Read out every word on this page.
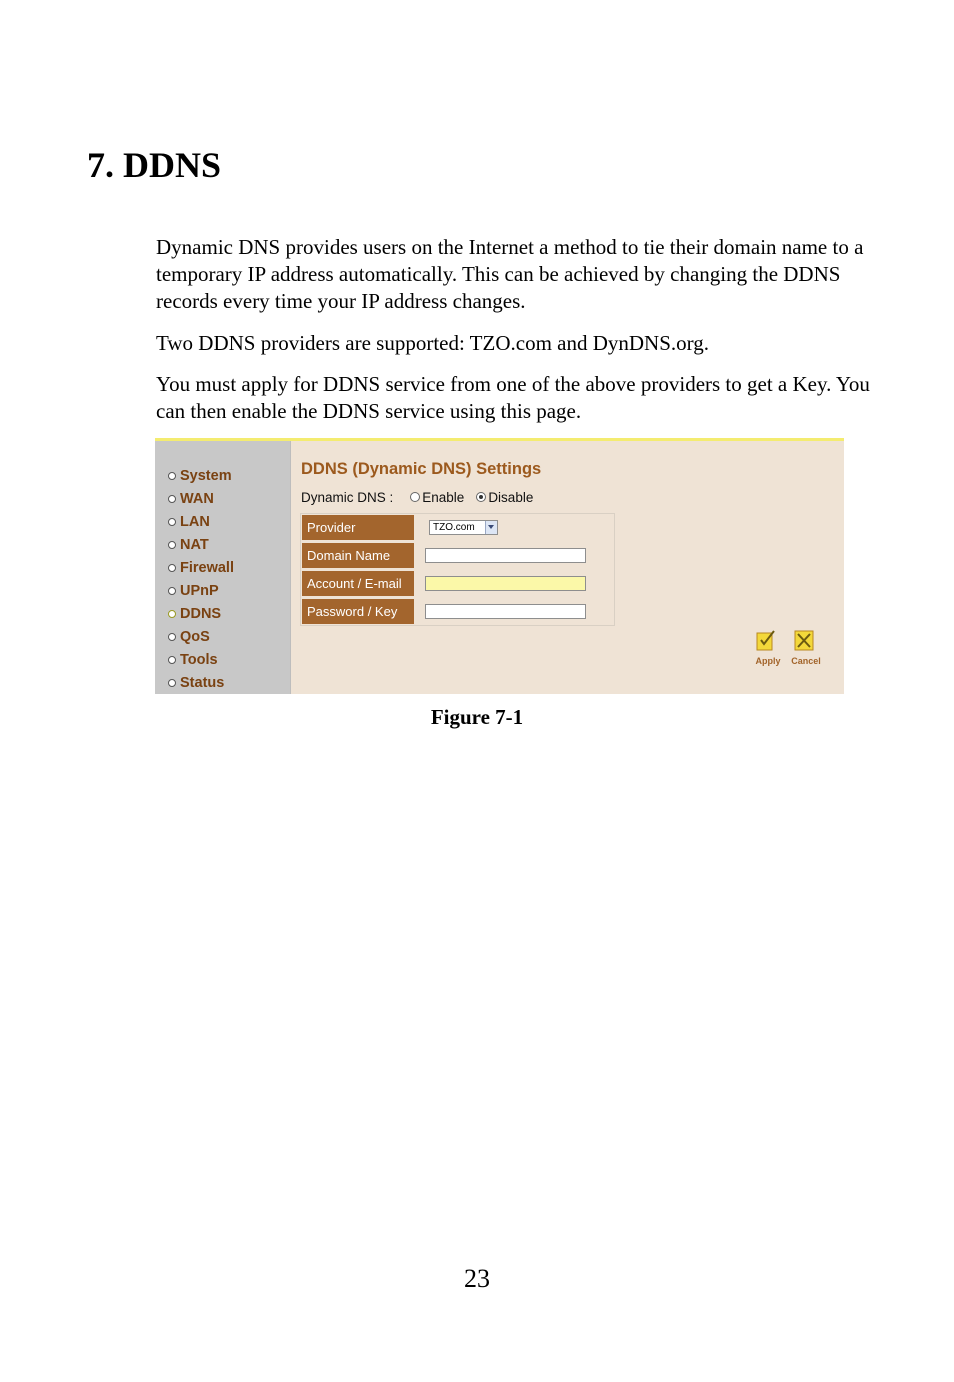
7. DDNS

Dynamic DNS provides users on the Internet a method to tie their domain name to a temporary IP address automatically. This can be achieved by changing the DDNS records every time your IP address changes.

Two DDNS providers are supported: TZO.com and DynDNS.org.

You must apply for DDNS service from one of the above providers to get a Key. You can then enable the DDNS service using this page.

System
WAN
LAN
NAT
Firewall
UPnP
DDNS
QoS
Tools
Status
DDNS (Dynamic DNS) Settings
Dynamic DNS : Enable Disable
Provider	TZO.com
Domain Name
Account / E-mail
Password / Key
Apply	Cancel

Figure 7-1

23
